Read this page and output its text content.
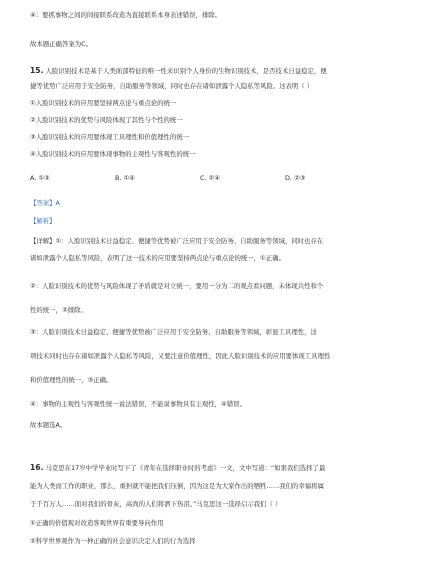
④：要抓事物之间的间接联系改造为直接联系本身表述错误，排除。

故本题正确答案为C。

15. 人脸识别技术是基于人类面部特征的唯一性来识别个人身份的生物识别技术，是否技术日益稳定，便

捷等优势广泛应用于安全防务，自助服务等领域，同时也存在诸如泄露个人隐私等风险。这表明（ ）

①人脸识别技术的应用要坚持两点论与重点论的统一

②人脸识别技术的优势与风险体现了其性与个性的统一

③人脸识别技术的应用要体现工具理性和价值理性的统一

④人脸识别技术的应用要体现事物的主观性与客观性的统一

A. ①③	B. ①④	C. ②④	D. ②③

【答案】A

【解析】

【详解】①：人脸识别技术日益稳定、便捷等优势被广泛应用于安全防务、自助服务等领域，同时也存在

诸如泄露个人隐私等风险，表明了这一技术的应用要坚持两点论与重点论的统一，①正确。

②：人脸识别技术的优势与风险体现了矛盾就是对立统一，要用一分为二的观点看问题，未体现共性和个

性的统一，②排除。

③：人脸识别技术日益稳定、便捷等优势被广泛应用于安全防务、自助服务等领域，彰显工具理性，这

项技术同时也存在诸如泄露个人隐私等风险，又要注意价值理性，因此人脸识别技术的应用要体现工具理性

和价值理性的统一，③正确。

④：事物的主观性与客观性统一说法错误，不能说事物具有主观性，④错误。

故本题选A。

16. 马克思在17岁中学毕业时写下了《青年在选择职业时的考虑》一文，文中写道：“如果我们选择了最

能为人类而工作的职业，那么，重担就不能把我们压倒，因为这是为大家作出的牺牲……我们的幸福将属

于千百万人……面对我们的骨灰，高尚的人们将洒下热泪。”马克思这一选择启示我们（ ）

①正确的价值观对改造客观世界有重要导向作用

②科学世界观作为一种正确的社会意识决定人们的行为选择
